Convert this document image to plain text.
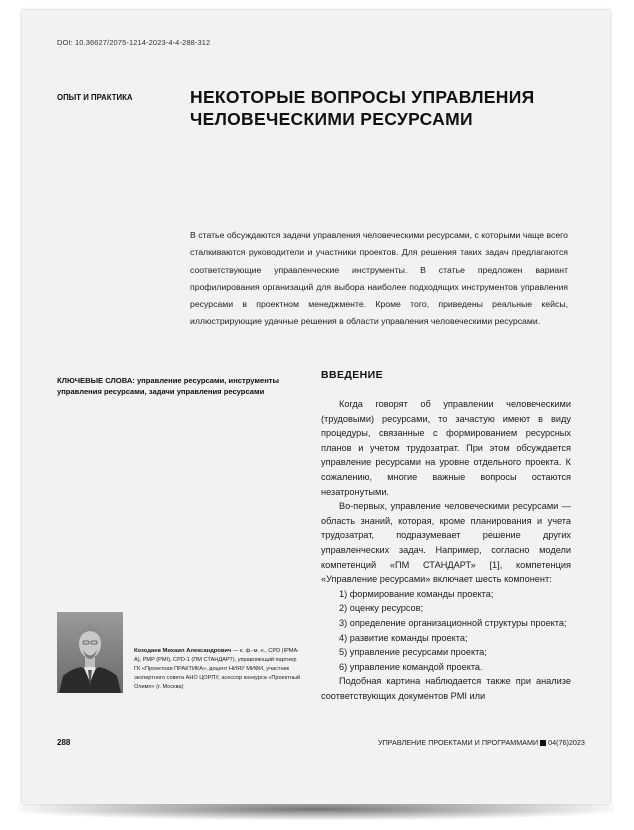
DOI: 10.36627/2075-1214-2023-4-4-288-312
ОПЫТ И ПРАКТИКА	НЕКОТОРЫЕ ВОПРОСЫ УПРАВЛЕНИЯ ЧЕЛОВЕЧЕСКИМИ РЕСУРСАМИ

В статье обсуждаются задачи управления человеческими ресурсами, с которыми чаще всего сталкиваются руководители и участники проектов. Для решения таких задач предлагаются соответствующие управленческие инструменты. В статье предложен вариант профилирования организаций для выбора наиболее подходящих инструментов управления ресурсами в проектном менеджменте. Кроме того, приведены реальные кейсы, иллюстрирующие удачные решения в области управления человеческими ресурсами.

КЛЮЧЕВЫЕ СЛОВА: управление ресурсами, инструменты управления ресурсами, задачи управления ресурсами
ВВЕДЕНИЕ

Когда говорят об управлении человеческими (трудовыми) ресурсами, то зачастую имеют в виду процедуры, связанные с формированием ресурсных планов и учетом трудозатрат. При этом обсуждается управление ресурсами на уровне отдельного проекта. К сожалению, многие важные вопросы остаются незатронутыми.

Во-первых, управление человеческими ресурсами — область знаний, которая, кроме планирования и учета трудозатрат, подразумевает решение других управленческих задач. Например, согласно модели компетенций «ПМ СТАНДАРТ» [1], компетенция «Управление ресурсами» включает шесть компонент:

1) формирование команды проекта;

2) оценку ресурсов;

3) определение организационной структуры проекта;

4) развитие команды проекта;

5) управление ресурсами проекта;

6) управление командой проекта.

Подобная картина наблюдается также при анализе соответствующих документов PMI или

Козодаев Михаил Александрович — к. ф.-м. н., CPD (IPMA-A), PMP (PMI), CPD-1 (ПМ СТАНДАРТ), управляющий партнер ГК «Проектная ПРАКТИКА», доцент НИЯУ МИФИ, участник экспертного совета АНО ЦОРПУ, асессор конкурса «Проектный Олимп» (г. Москва)
288	УПРАВЛЕНИЕ ПРОЕКТАМИ И ПРОГРАММАМИ 04(76)2023
